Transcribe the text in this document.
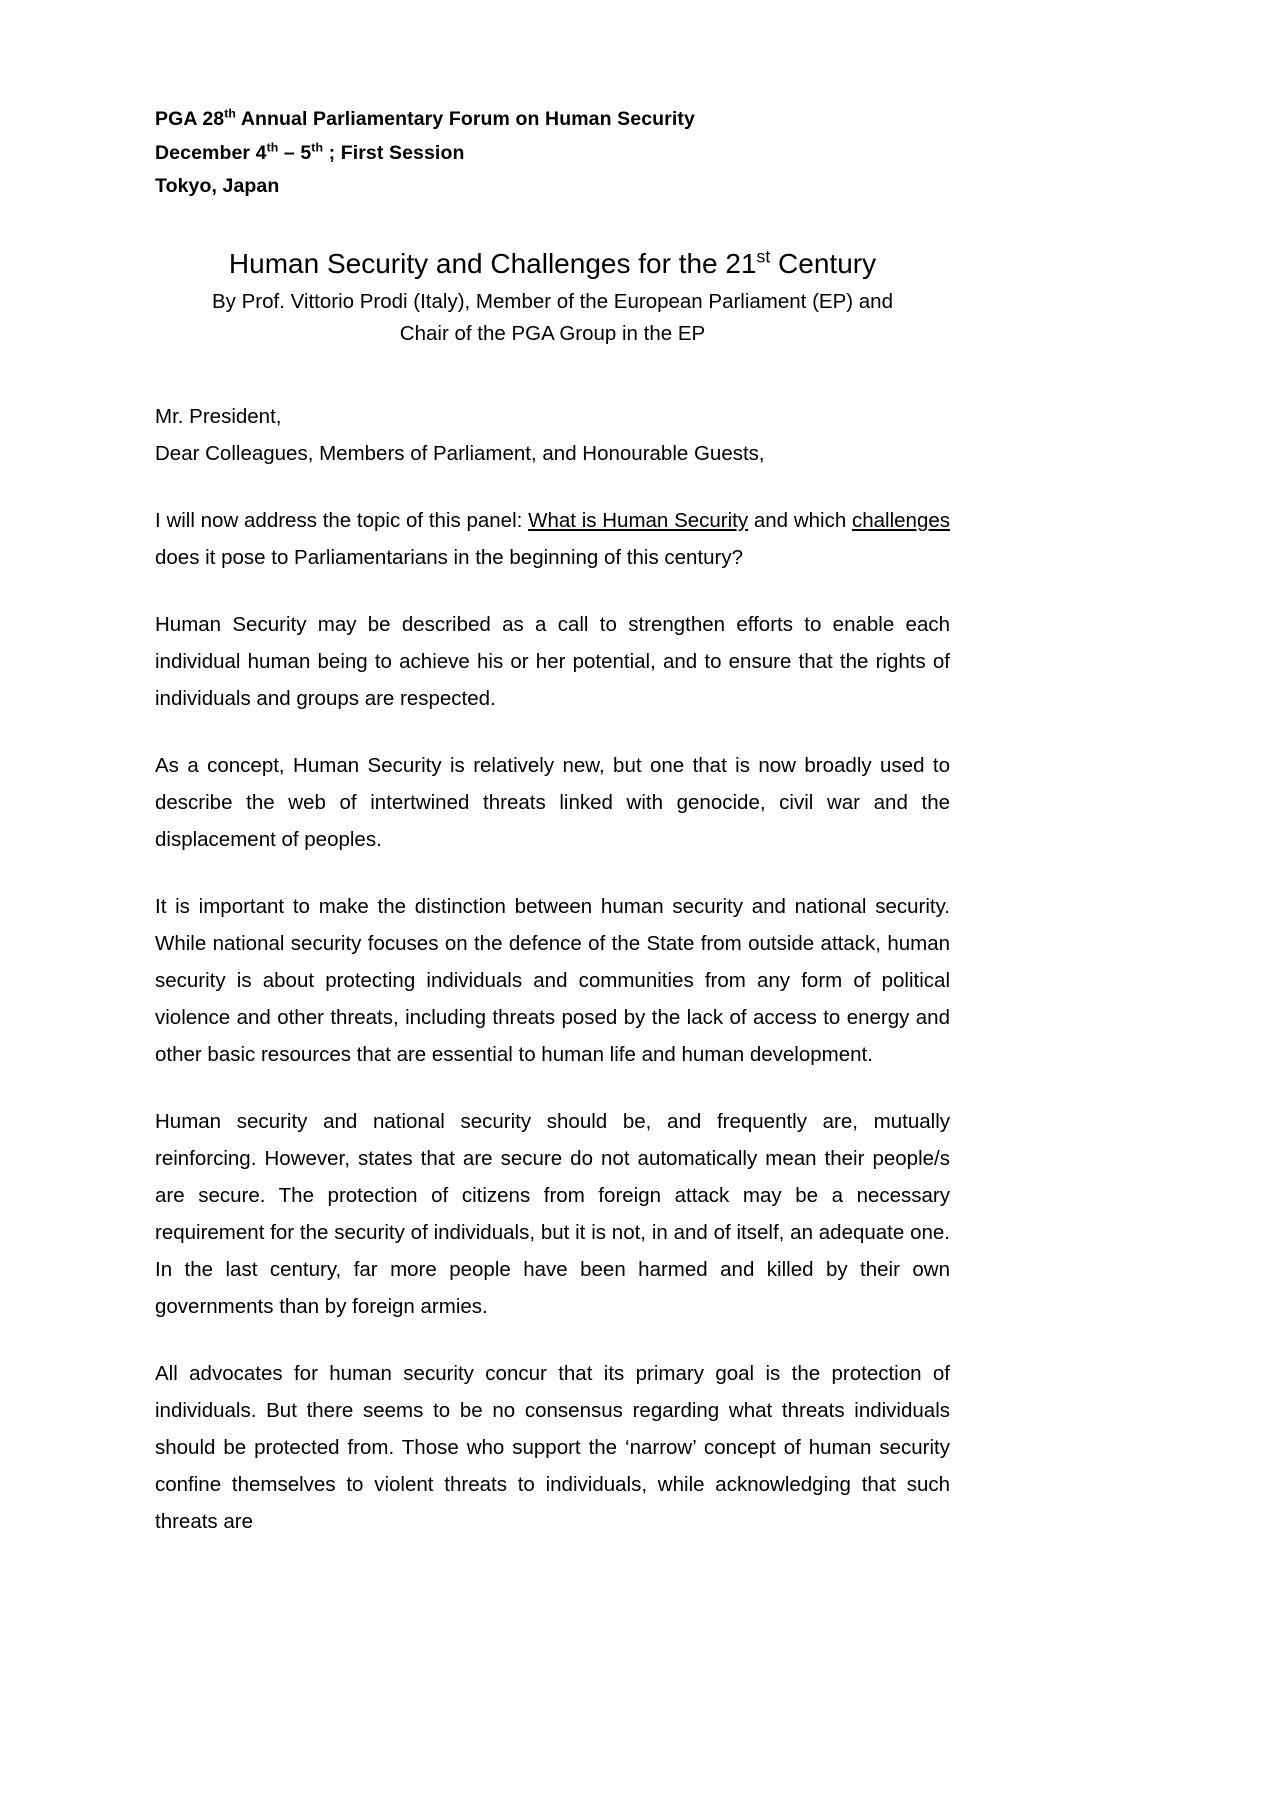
PGA 28th Annual Parliamentary Forum on Human Security
December 4th – 5th ; First Session
Tokyo, Japan
Human Security and Challenges for the 21st Century
By Prof. Vittorio Prodi (Italy), Member of the European Parliament (EP) and
Chair of the PGA Group in the EP
Mr. President,
Dear Colleagues, Members of Parliament, and Honourable Guests,

I will now address the topic of this panel: What is Human Security and which challenges does it pose to Parliamentarians in the beginning of this century?

Human Security may be described as a call to strengthen efforts to enable each individual human being to achieve his or her potential, and to ensure that the rights of individuals and groups are respected.

As a concept, Human Security is relatively new, but one that is now broadly used to describe the web of intertwined threats linked with genocide, civil war and the displacement of peoples.

It is important to make the distinction between human security and national security. While national security focuses on the defence of the State from outside attack, human security is about protecting individuals and communities from any form of political violence and other threats, including threats posed by the lack of access to energy and other basic resources that are essential to human life and human development.

Human security and national security should be, and frequently are, mutually reinforcing. However, states that are secure do not automatically mean their people/s are secure. The protection of citizens from foreign attack may be a necessary requirement for the security of individuals, but it is not, in and of itself, an adequate one. In the last century, far more people have been harmed and killed by their own governments than by foreign armies.

All advocates for human security concur that its primary goal is the protection of individuals. But there seems to be no consensus regarding what threats individuals should be protected from. Those who support the ‘narrow’ concept of human security confine themselves to violent threats to individuals, while acknowledging that such threats are
